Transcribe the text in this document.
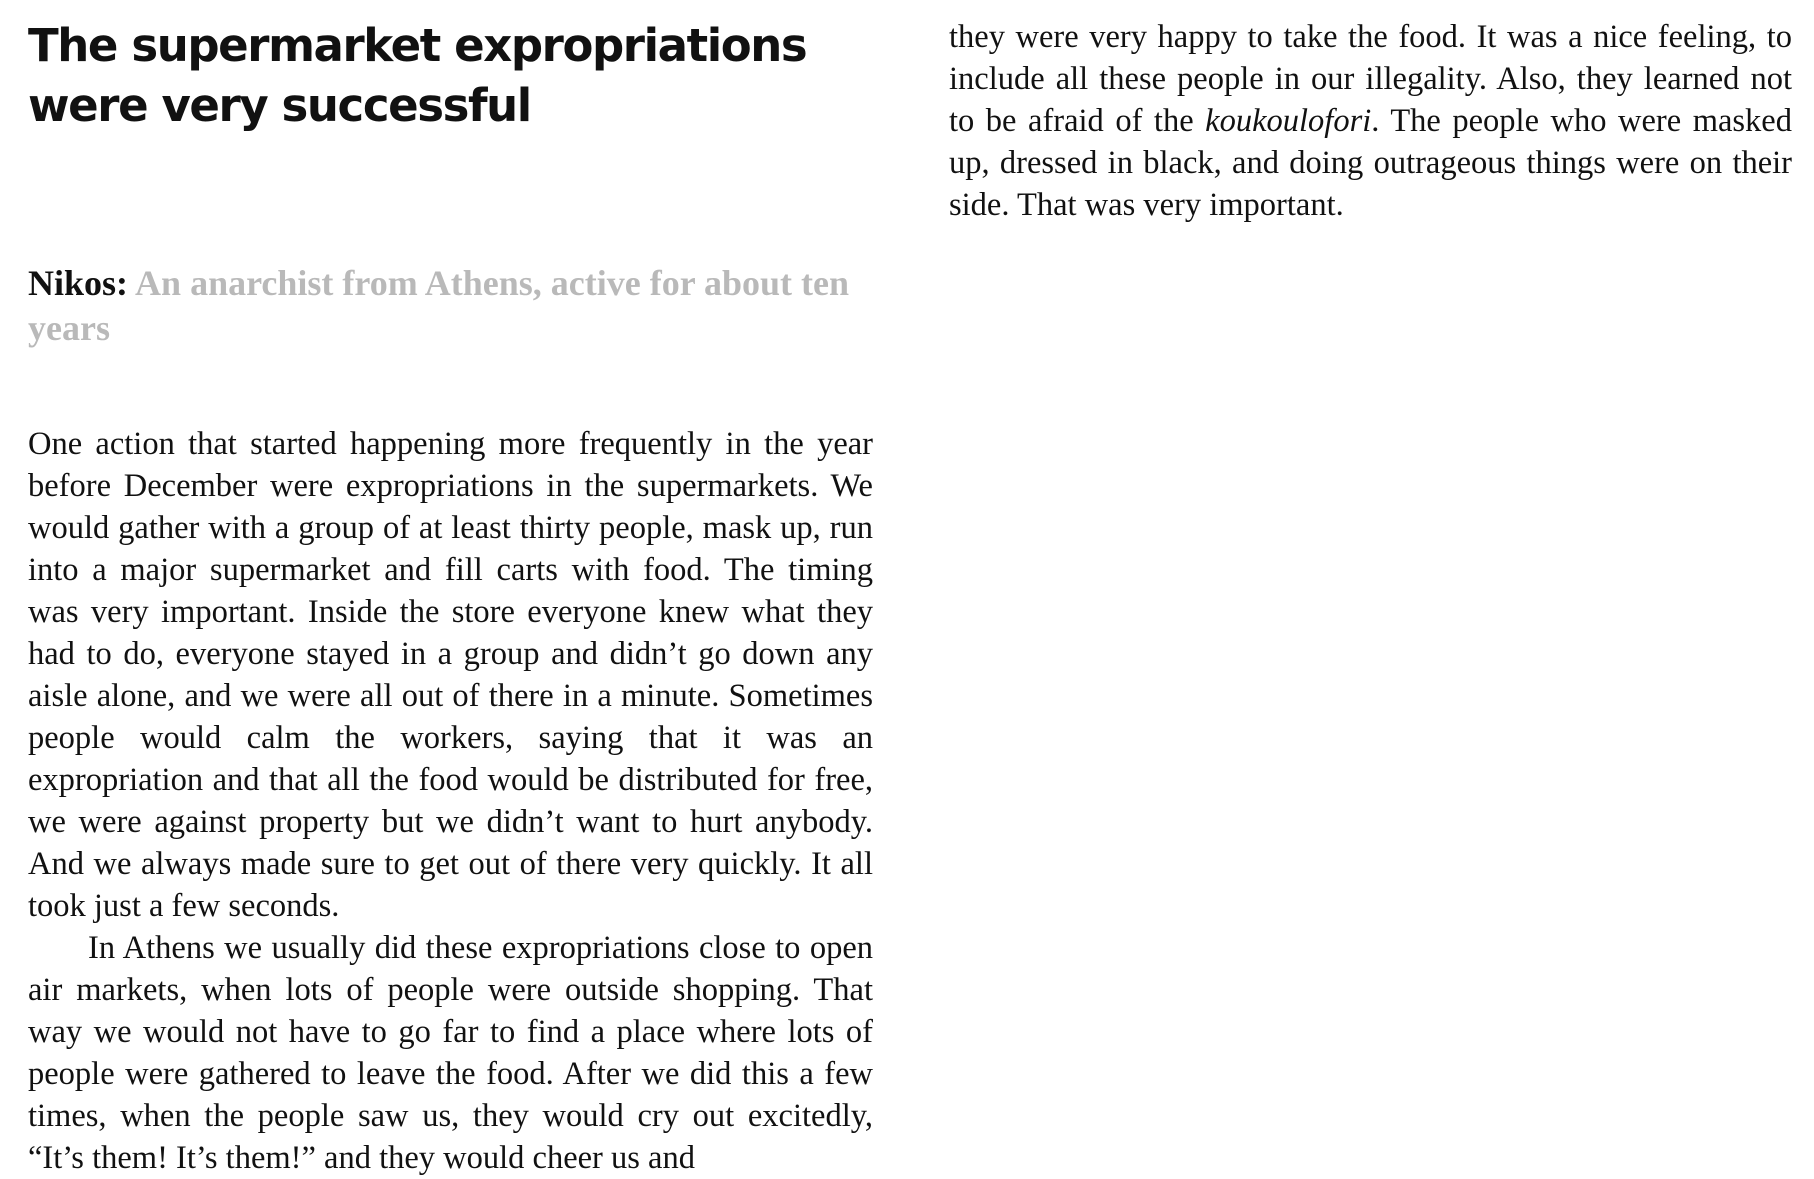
The supermarket expropriations were very successful

Nikos: An anarchist from Athens, active for about ten years

One action that started happening more frequently in the year before December were expropriations in the supermarkets. We would gather with a group of at least thirty people, mask up, run into a major supermarket and fill carts with food. The timing was very important. Inside the store everyone knew what they had to do, everyone stayed in a group and didn’t go down any aisle alone, and we were all out of there in a minute. Sometimes people would calm the workers, saying that it was an expropriation and that all the food would be distributed for free, we were against property but we didn’t want to hurt anybody. And we always made sure to get out of there very quickly. It all took just a few seconds.

In Athens we usually did these expropriations close to open air markets, when lots of people were outside shopping. That way we would not have to go far to find a place where lots of people were gathered to leave the food. After we did this a few times, when the people saw us, they would cry out excitedly, “It’s them! It’s them!” and they would cheer us and

they were very happy to take the food. It was a nice feeling, to include all these people in our illegality. Also, they learned not to be afraid of the koukoulofori. The people who were masked up, dressed in black, and doing outrageous things were on their side. That was very important.
